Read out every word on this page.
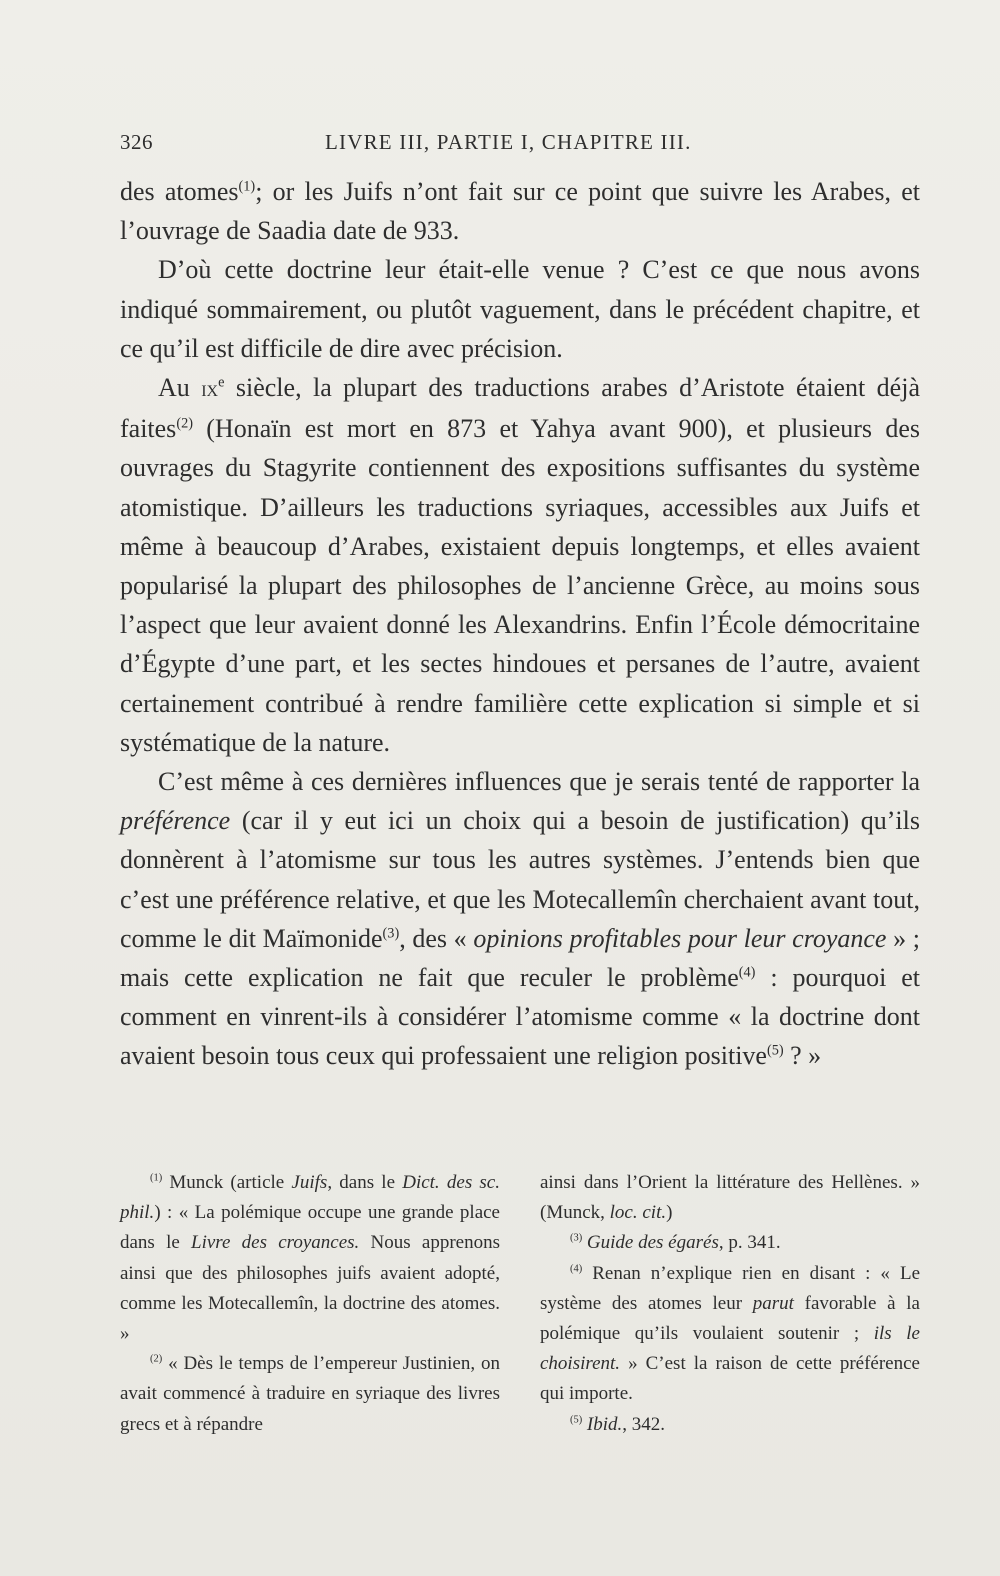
326	LIVRE III, PARTIE I, CHAPITRE III.

des atomes$^{(1)}$; or les Juifs n’ont fait sur ce point que suivre les Arabes, et l’ouvrage de Saadia date de 933.

D’où cette doctrine leur était-elle venue ? C’est ce que nous avons indiqué sommairement, ou plutôt vaguement, dans le précédent chapitre, et ce qu’il est difficile de dire avec précision.

Au $ix^e$ siècle, la plupart des traductions arabes d’Aristote étaient déjà faites$^{(2)}$ (Honaïn est mort en 873 et Yahya avant 900), et plusieurs des ouvrages du Stagyrite contiennent des expositions suffisantes du système atomistique. D’ailleurs les traductions syriaques, accessibles aux Juifs et même à beaucoup d’Arabes, existaient depuis longtemps, et elles avaient popularisé la plupart des philosophes de l’ancienne Grèce, au moins sous l’aspect que leur avaient donné les Alexandrins. Enfin l’École démocritaine d’Égypte d’une part, et les sectes hindoues et persanes de l’autre, avaient certainement contribué à rendre familière cette explication si simple et si systématique de la nature.

C’est même à ces dernières influences que je serais tenté de rapporter la préférence (car il y eut ici un choix qui a besoin de justification) qu’ils donnèrent à l’atomisme sur tous les autres systèmes. J’entends bien que c’est une préférence relative, et que les Motecallemîn cherchaient avant tout, comme le dit Maïmonide$^{(3)}$, des « opinions profitables pour leur croyance » ; mais cette explication ne fait que reculer le problème$^{(4)}$ : pourquoi et comment en vinrent-ils à considérer l’atomisme comme « la doctrine dont avaient besoin tous ceux qui professaient une religion positive$^{(5)}$ ? »

$^{(1)}$ Munck (article Juifs, dans le Dict. des sc. phil.) : « La polémique occupe une grande place dans le Livre des croyances. Nous apprenons ainsi que des philosophes juifs avaient adopté, comme les Motecallemîn, la doctrine des atomes. »

$^{(2)}$ « Dès le temps de l’empereur Justinien, on avait commencé à traduire en syriaque des livres grecs et à répandre

ainsi dans l’Orient la littérature des Hellènes. » (Munck, loc. cit.)

$^{(3)}$ Guide des égarés, p. 341.

$^{(4)}$ Renan n’explique rien en disant : « Le système des atomes leur parut favorable à la polémique qu’ils voulaient soutenir ; ils le choisirent. » C’est la raison de cette préférence qui importe.

$^{(5)}$ Ibid., 342.
